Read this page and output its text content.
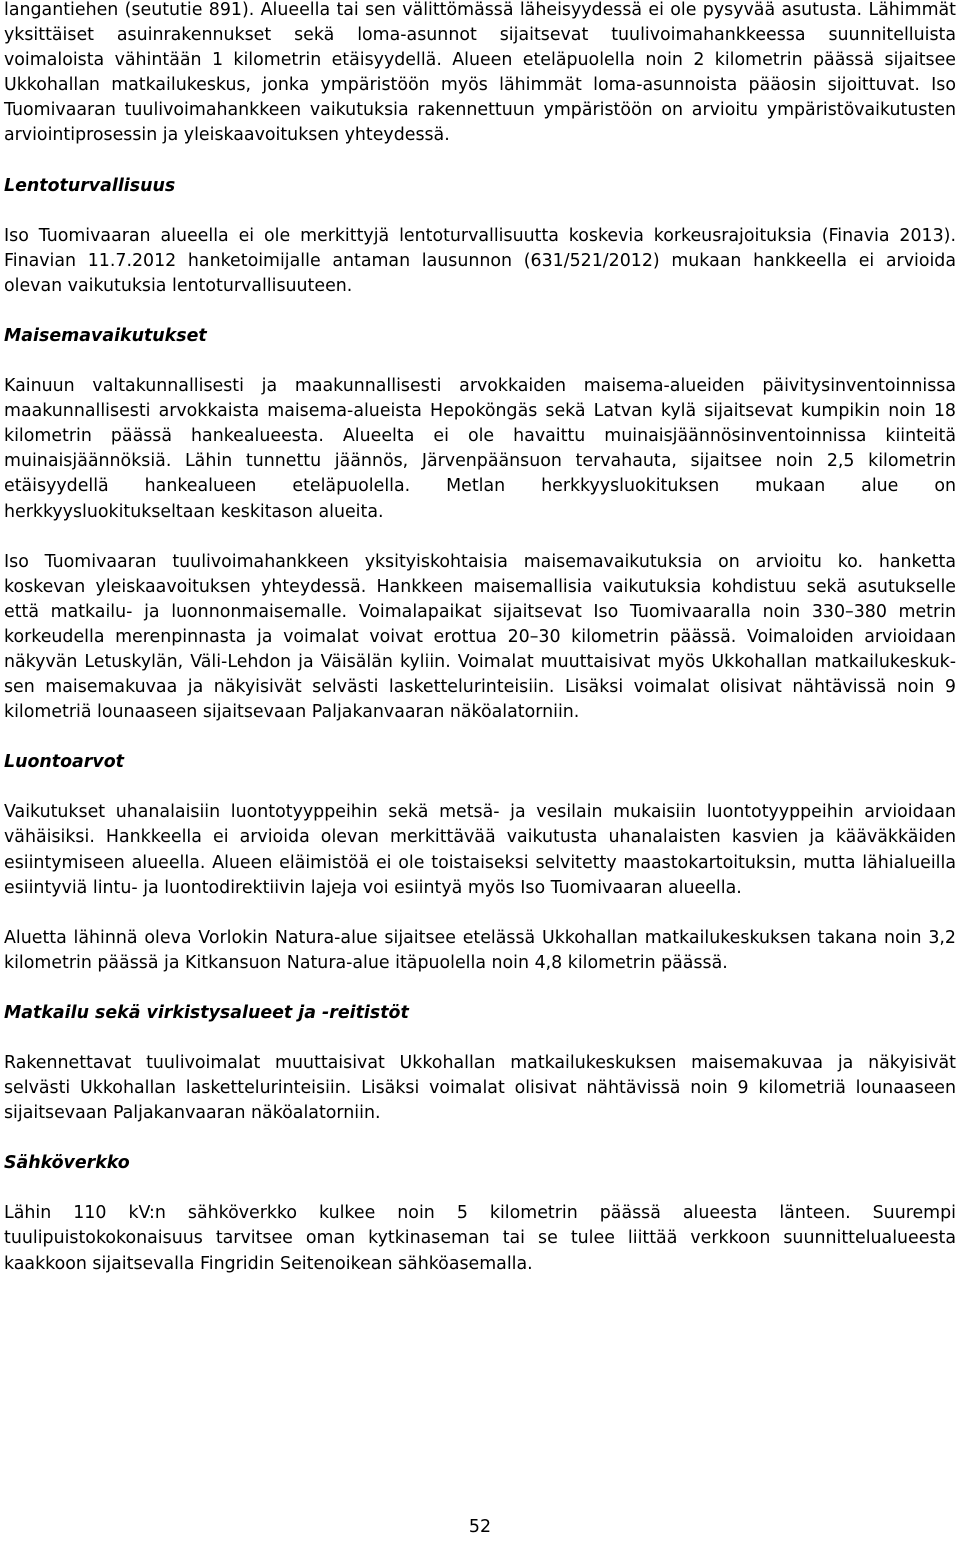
langantiehen (seututie 891). Alueella tai sen välittömässä läheisyydessä ei ole pysyvää asutusta. Lähimmät yksittäiset asuinrakennukset sekä loma-asunnot sijaitsevat tuulivoimahankkeessa suunnitelluista voimaloista vähintään 1 kilometrin etäisyydellä. Alueen eteläpuolella noin 2 kilometrin päässä sijaitsee Ukkohallan matkailukeskus, jonka ympäristöön myös lähimmät loma-asunnoista pääosin sijoittuvat. Iso Tuomivaaran tuulivoimahankkeen vaikutuksia rakennettuun ympäristöön on arvioitu ympäristövaikutusten arviointiprosessin ja yleiskaavoituksen yhteydessä.

Lentoturvallisuus

Iso Tuomivaaran alueella ei ole merkittyjä lentoturvallisuutta koskevia korkeusrajoituksia (Finavia 2013). Finavian 11.7.2012 hanketoimijalle antaman lausunnon (631/521/2012) mukaan hankkeella ei arvioida olevan vaikutuksia lentoturvallisuuteen.

Maisemavaikutukset

Kainuun valtakunnallisesti ja maakunnallisesti arvokkaiden maisema-alueiden päivitysinventoinnissa maakunnallisesti arvokkaista maisema-alueista Hepoköngäs sekä Latvan kylä sijaitsevat kumpikin noin 18 kilometrin päässä hankealueesta. Alueelta ei ole havaittu muinaisjäännösinventoinnissa kiinteitä muinaisjäännöksiä. Lähin tunnettu jäännös, Järvenpäänsuon tervahauta, sijaitsee noin 2,5 kilometrin etäisyydellä hankealueen eteläpuolella. Metlan herkkyysluokituksen mukaan alue on herkkyysluokitukseltaan keskitason alueita.

Iso Tuomivaaran tuulivoimahankkeen yksityiskohtaisia maisemavaikutuksia on arvioitu ko. hanketta koskevan yleiskaavoituksen yhteydessä. Hankkeen maisemallisia vaikutuksia kohdistuu sekä asutukselle että matkailu- ja luonnonmaisemalle. Voimalapaikat sijaitsevat Iso Tuomivaaralla noin 330–380 metrin korkeudella merenpinnasta ja voimalat voivat erottua 20–30 kilometrin päässä. Voimaloiden arvioidaan näkyvän Letuskylän, Väli-Lehdon ja Väisälän kyliin. Voimalat muuttaisivat myös Ukkohallan matkailukeskuksen maisemakuvaa ja näkyisivät selvästi laskettelurinteisiin. Lisäksi voimalat olisivat nähtävissä noin 9 kilometriä lounaaseen sijaitsevaan Paljakanvaaran näköalatorniin.

Luontoarvot

Vaikutukset uhanalaisiin luontotyyppeihin sekä metsä- ja vesilain mukaisiin luontotyyppeihin arvioidaan vähäisiksi. Hankkeella ei arvioida olevan merkittävää vaikutusta uhanalaisten kasvien ja kääväkkäiden esiintymiseen alueella. Alueen eläimistöä ei ole toistaiseksi selvitetty maastokartoituksin, mutta lähialueilla esiintyviä lintu- ja luontodirektiivin lajeja voi esiintyä myös Iso Tuomivaaran alueella.

Aluetta lähinnä oleva Vorlokin Natura-alue sijaitsee etelässä Ukkohallan matkailukeskuksen takana noin 3,2 kilometrin päässä ja Kitkansuon Natura-alue itäpuolella noin 4,8 kilometrin päässä.

Matkailu sekä virkistysalueet ja -reitistöt

Rakennettavat tuulivoimalat muuttaisivat Ukkohallan matkailukeskuksen maisemakuvaa ja näkyisivät selvästi Ukkohallan laskettelurinteisiin. Lisäksi voimalat olisivat nähtävissä noin 9 kilometriä lounaaseen sijaitsevaan Paljakanvaaran näköalatorniin.

Sähköverkko

Lähin 110 kV:n sähköverkko kulkee noin 5 kilometrin päässä alueesta länteen. Suurempi tuulipuistokokonaisuus tarvitsee oman kytkinaseman tai se tulee liittää verkkoon suunnittelualueesta kaakkoon sijaitsevalla Fingridin Seitenoikean sähköasemalla.

52
